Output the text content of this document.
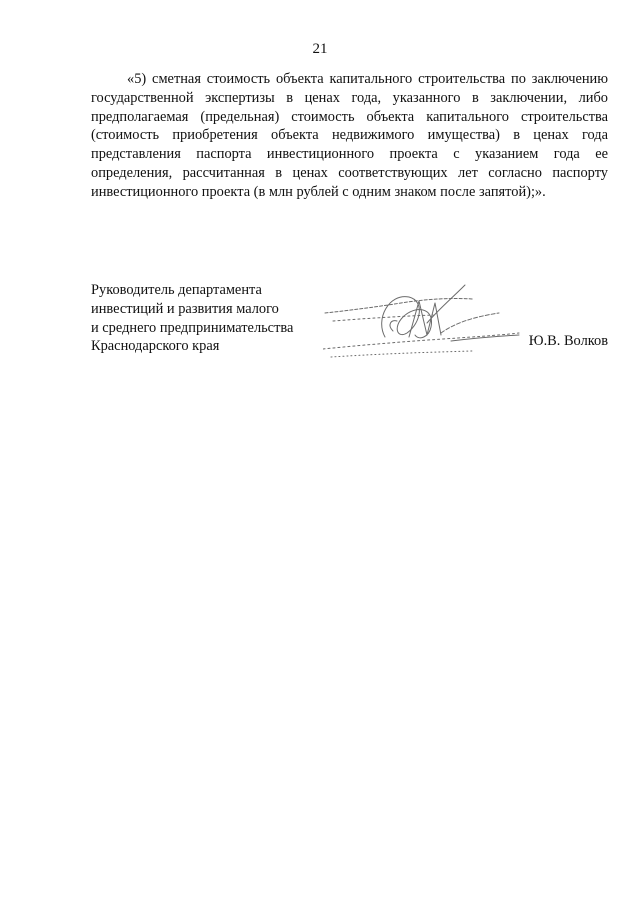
21

«5) сметная стоимость объекта капитального строительства по заключению государственной экспертизы в ценах года, указанного в заключении, либо предполагаемая (предельная) стоимость объекта капитального строительства (стоимость приобретения объекта недвижимого имущества) в ценах года представления паспорта инвестиционного проекта с указанием года ее определения, рассчитанная в ценах соответствующих лет согласно паспорту инвестиционного проекта (в млн рублей с одним знаком после запятой);».

Руководитель департамента
инвестиций и развития малого
и среднего предпринимательства
Краснодарского края	Ю.В. Волков
